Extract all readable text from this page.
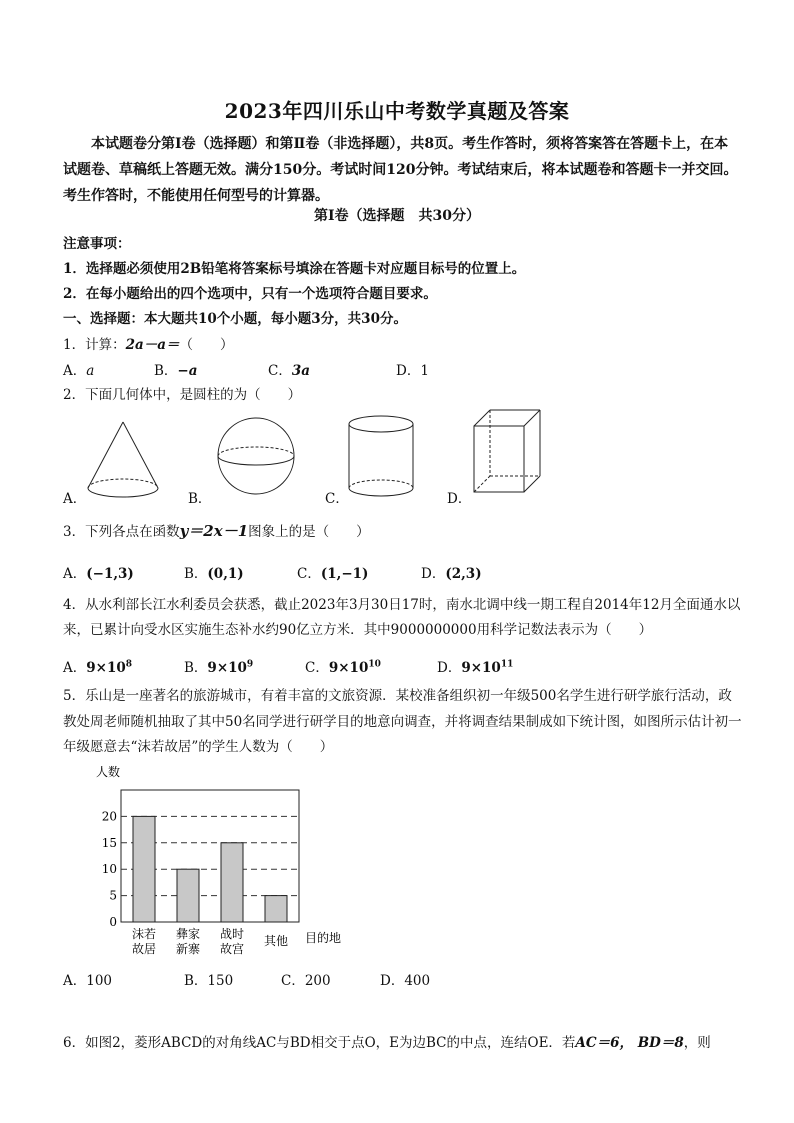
2023年四川乐山中考数学真题及答案
本试题卷分第Ⅰ卷（选择题）和第Ⅱ卷（非选择题），共8页。考生作答时，须将答案答在答题卡上，在本试题卷、草稿纸上答题无效。满分150分。考试时间120分钟。考试结束后，将本试题卷和答题卡一并交回。考生作答时，不能使用任何型号的计算器。
第Ⅰ卷（选择题　共30分）
注意事项：
1．选择题必须使用2B铅笔将答案标号填涂在答题卡对应题目标号的位置上。
2．在每小题给出的四个选项中，只有一个选项符合题目要求。
一、选择题：本大题共10个小题，每小题3分，共30分。
1．计算：2a－a＝（　　）
A．a	B．−a	C．3a	D．1
2．下面几何体中，是圆柱的为（　　）
A．	B．	C．	D．
3．下列各点在函数y＝2x－1图象上的是（　　）
A．(−1,3)	B．(0,1)	C．(1,−1)	D．(2,3)
4．从水利部长江水利委员会获悉，截止2023年3月30日17时，南水北调中线一期工程自2014年12月全面通水以来，已累计向受水区实施生态补水约90亿立方米．其中9000000000用科学记数法表示为（　　）
A．$9\times 10^8$	B．$9\times 10^9$	C．$9\times 10^{10}$	D．$9\times 10^{11}$
5．乐山是一座著名的旅游城市，有着丰富的文旅资源．某校准备组织初一年级500名学生进行研学旅行活动，政教处周老师随机抽取了其中50名同学进行研学目的地意向调查，并将调查结果制成如下统计图，如图所示估计初一年级愿意去“沫若故居”的学生人数为（　　）
人数
0
5
10
15
20
沫若
故居
彝家
新寨
战时
故宫
其他 目的地
A．100	B．150	C．200	D．400
6．如图2，菱形ABCD的对角线AC与BD相交于点O，E为边BC的中点，连结OE．若AC＝6， BD＝8，则
